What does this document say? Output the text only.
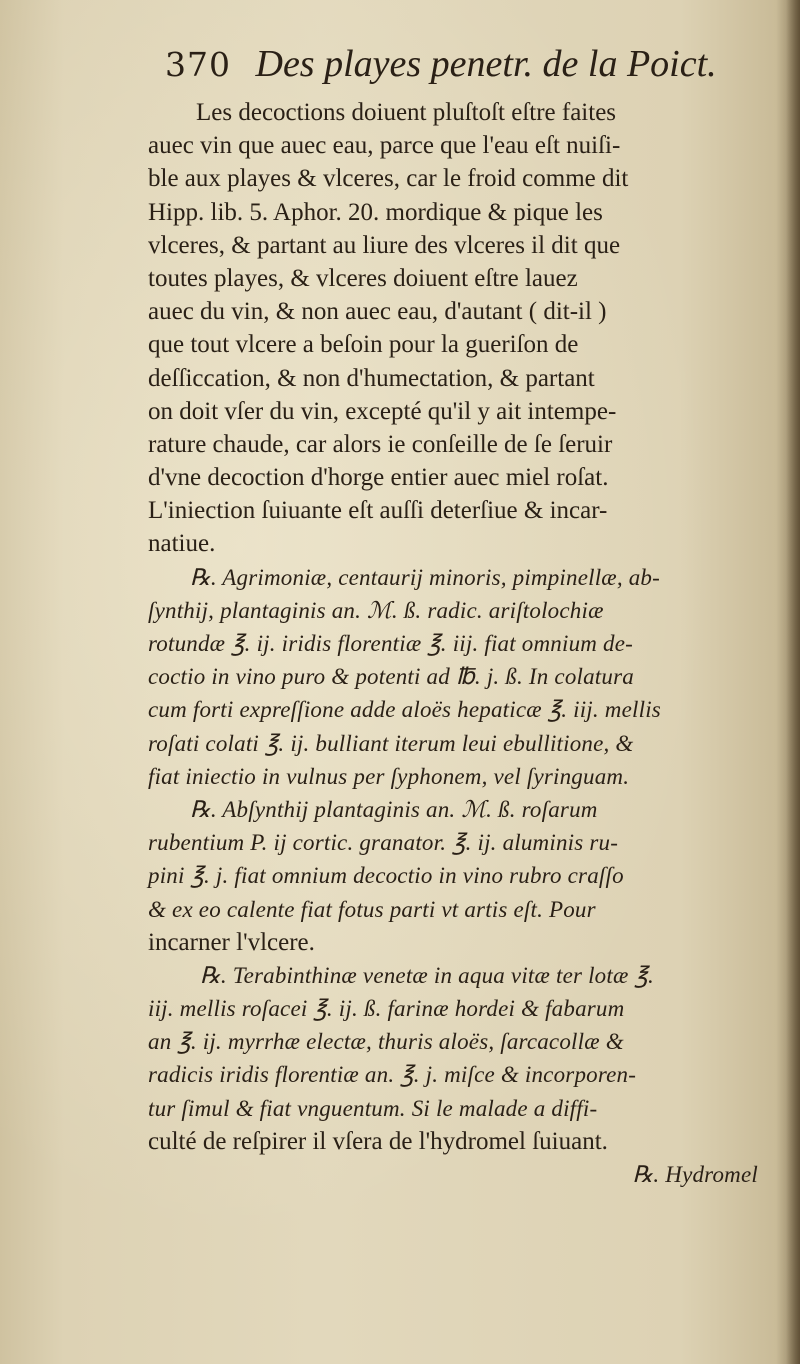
370 Des playes penetr. de la Poict.
Les decoctions doiuent pluſtoſt eſtre faites
auec vin que auec eau, parce que l'eau eſt nuiſi-
ble aux playes & vlceres, car le froid comme dit
Hipp. lib. 5. Aphor. 20. mordique & pique les
vlceres, & partant au liure des vlceres il dit que
toutes playes, & vlceres doiuent eſtre lauez
auec du vin, & non auec eau, d'autant ( dit-il )
que tout vlcere a beſoin pour la gueriſon de
deſſiccation, & non d'humectation, & partant
on doit vſer du vin, excepté qu'il y ait intempe-
rature chaude, car alors ie conſeille de ſe ſeruir
d'vne decoction d'horge entier auec miel roſat.
L'iniection ſuiuante eſt auſſi deterſiue & incar-
natiue.
℞. Agrimoniæ, centaurij minoris, pimpinellæ, ab-
ſynthij, plantaginis an. ℳ. ß. radic. ariſtolochiæ
rotundæ ℥. ij. iridis florentiæ ℥. iij. fiat omnium de-
coctio in vino puro & potenti ad ℔. j. ß. In colatura
cum forti expreſſione adde aloës hepaticæ ℥. iij. mellis
roſati colati ℥. ij. bulliant iterum leui ebullitione, &
fiat iniectio in vulnus per ſyphonem, vel ſyringuam.
℞. Abſynthij plantaginis an. ℳ. ß. roſarum
rubentium P. ij cortic. granator. ℥. ij. aluminis ru-
pini ℥. j. fiat omnium decoctio in vino rubro craſſo
& ex eo calente fiat fotus parti vt artis eſt. Pour
incarner l'vlcere.
℞. Terabinthinæ venetæ in aqua vitæ ter lotæ ℥.
iij. mellis roſacei ℥. ij. ß. farinæ hordei & fabarum
an ℥. ij. myrrhæ electæ, thuris aloës, ſarcacollæ &
radicis iridis florentiæ an. ℥. j. miſce & incorporen-
tur ſimul & fiat vnguentum. Si le malade a diffi-
culté de reſpirer il vſera de l'hydromel ſuiuant.
℞. Hydromel
